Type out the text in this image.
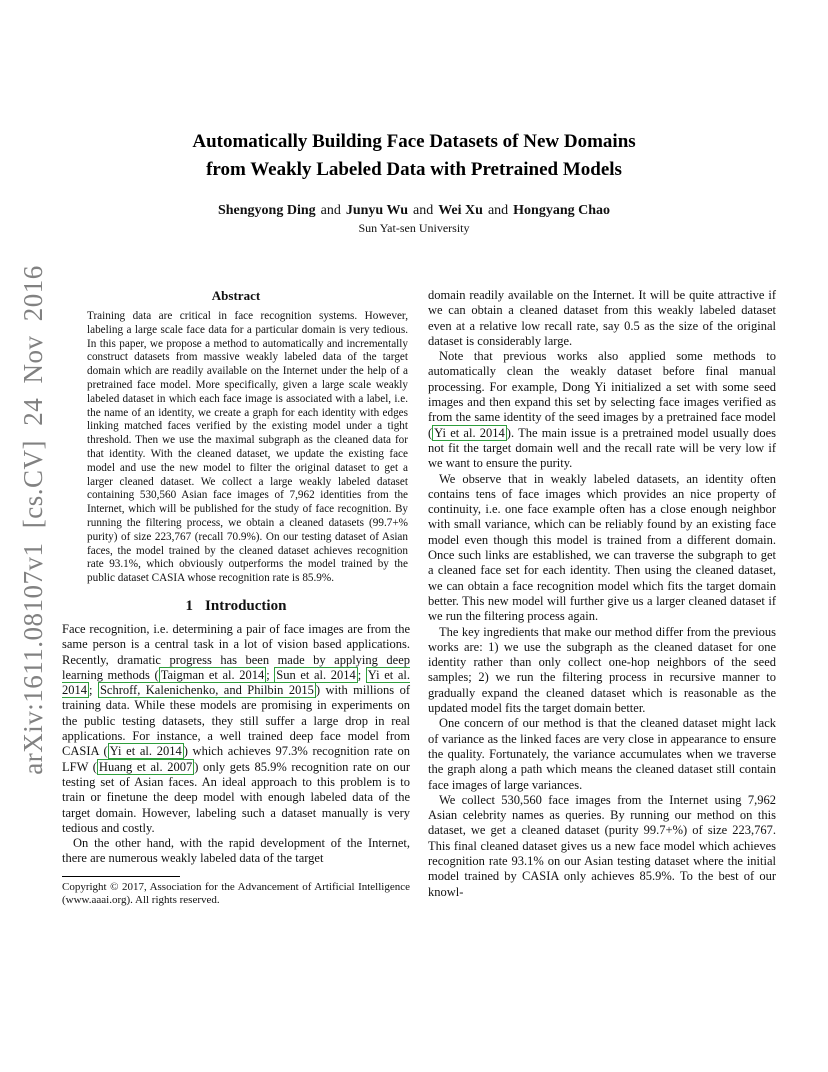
arXiv:1611.08107v1 [cs.CV] 24 Nov 2016
Automatically Building Face Datasets of New Domains
from Weakly Labeled Data with Pretrained Models
Shengyong Ding and Junyu Wu and Wei Xu and Hongyang Chao
Sun Yat-sen University
Abstract
Training data are critical in face recognition systems. However, labeling a large scale face data for a particular domain is very tedious. In this paper, we propose a method to automatically and incrementally construct datasets from massive weakly labeled data of the target domain which are readily available on the Internet under the help of a pretrained face model. More specifically, given a large scale weakly labeled dataset in which each face image is associated with a label, i.e. the name of an identity, we create a graph for each identity with edges linking matched faces verified by the existing model under a tight threshold. Then we use the maximal subgraph as the cleaned data for that identity. With the cleaned dataset, we update the existing face model and use the new model to filter the original dataset to get a larger cleaned dataset. We collect a large weakly labeled dataset containing 530,560 Asian face images of 7,962 identities from the Internet, which will be published for the study of face recognition. By running the filtering process, we obtain a cleaned datasets (99.7+% purity) of size 223,767 (recall 70.9%). On our testing dataset of Asian faces, the model trained by the cleaned dataset achieves recognition rate 93.1%, which obviously outperforms the model trained by the public dataset CASIA whose recognition rate is 85.9%.
1 Introduction

Face recognition, i.e. determining a pair of face images are from the same person is a central task in a lot of vision based applications. Recently, dramatic progress has been made by applying deep learning methods ( Taigman et al. 2014 ; Sun et al. 2014 ; Yi et al. 2014 ; Schroff, Kalenichenko, and Philbin 2015 ) with millions of training data. While these models are promising in experiments on the public testing datasets, they still suffer a large drop in real applications. For instance, a well trained deep face model from CASIA ( Yi et al. 2014 ) which achieves 97.3% recognition rate on LFW ( Huang et al. 2007 ) only gets 85.9% recognition rate on our testing set of Asian faces. An ideal approach to this problem is to train or finetune the deep model with enough labeled data of the target domain. However, labeling such a dataset manually is very tedious and costly.

On the other hand, with the rapid development of the Internet, there are numerous weakly labeled data of the target

Copyright © 2017, Association for the Advancement of Artificial Intelligence (www.aaai.org). All rights reserved.

domain readily available on the Internet. It will be quite attractive if we can obtain a cleaned dataset from this weakly labeled dataset even at a relative low recall rate, say 0.5 as the size of the original dataset is considerably large.

Note that previous works also applied some methods to automatically clean the weakly dataset before final manual processing. For example, Dong Yi initialized a set with some seed images and then expand this set by selecting face images verified as from the same identity of the seed images by a pretrained face model ( Yi et al. 2014 ). The main issue is a pretrained model usually does not fit the target domain well and the recall rate will be very low if we want to ensure the purity.

We observe that in weakly labeled datasets, an identity often contains tens of face images which provides an nice property of continuity, i.e. one face example often has a close enough neighbor with small variance, which can be reliably found by an existing face model even though this model is trained from a different domain. Once such links are established, we can traverse the subgraph to get a cleaned face set for each identity. Then using the cleaned dataset, we can obtain a face recognition model which fits the target domain better. This new model will further give us a larger cleaned dataset if we run the filtering process again.

The key ingredients that make our method differ from the previous works are: 1) we use the subgraph as the cleaned dataset for one identity rather than only collect one-hop neighbors of the seed samples; 2) we run the filtering process in recursive manner to gradually expand the cleaned dataset which is reasonable as the updated model fits the target domain better.

One concern of our method is that the cleaned dataset might lack of variance as the linked faces are very close in appearance to ensure the quality. Fortunately, the variance accumulates when we traverse the graph along a path which means the cleaned dataset still contain face images of large variances.

We collect 530,560 face images from the Internet using 7,962 Asian celebrity names as queries. By running our method on this dataset, we get a cleaned dataset (purity 99.7+%) of size 223,767. This final cleaned dataset gives us a new face model which achieves recognition rate 93.1% on our Asian testing dataset where the initial model trained by CASIA only achieves 85.9%. To the best of our knowl-
